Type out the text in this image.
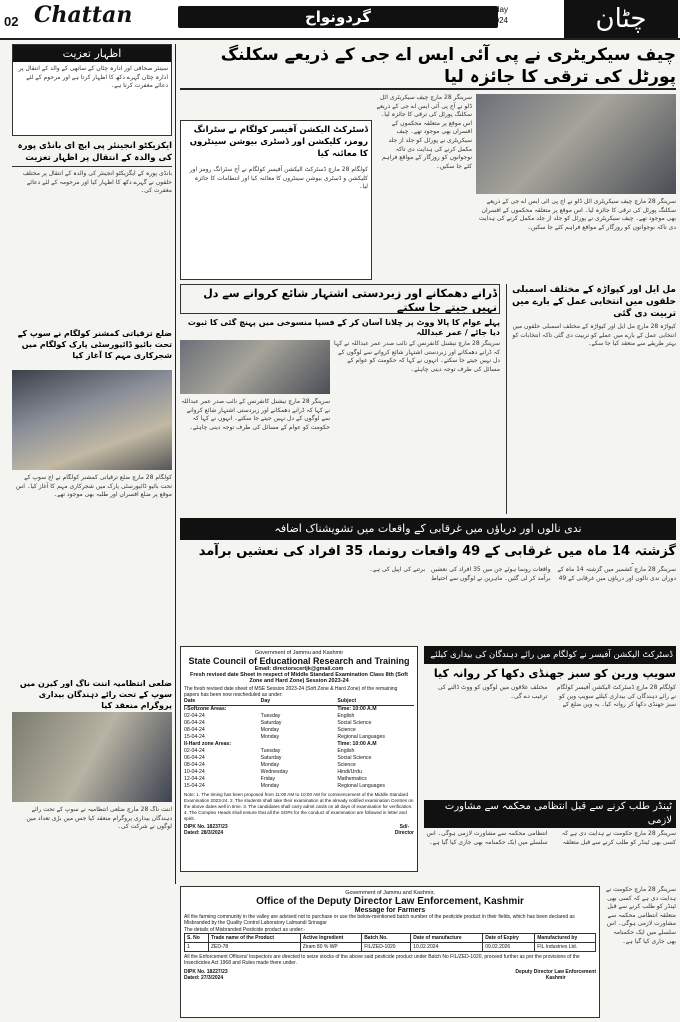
02 Chattan	گردونواح	Friday
29-March-2024	چٹان
اظہار تعزیت
سینئر صحافی اور ادارہ چٹان کے ساتھی کے والد کے انتقال پر ادارہ چٹان گہرے دکھ کا اظہار کرتا ہے اور مرحوم کے لئے دعائے مغفرت کرتا ہے۔
ایکزیکٹو انجینئر پی ایچ ای بانڈی پورہ کی والدہ کے انتقال پر اظہار تعزیت
بانڈی پورہ کے ایگزیکٹو انجینئر کی والدہ کے انتقال پر مختلف حلقوں نے گہرے دکھ کا اظہار کیا اور مرحومہ کے لئے دعائے مغفرت کی۔
ضلع ترقیاتی کمشنر کولگام نے سوپ کے تحت بائیو ڈائیورسٹی پارک کولگام میں شجرکاری مہم کا آغاز کیا
کولگام 28 مارچ ضلع ترقیاتی کمشنر کولگام نے آج سوپ کے تحت بائیو ڈائیورسٹی پارک میں شجرکاری مہم کا آغاز کیا۔ اس موقع پر ضلع افسران اور طلبہ بھی موجود تھے۔
ضلعی انتظامیہ اننت ناگ اور کیرن میں سوپ کے تحت رائے دہندگان بیداری پروگرام منعقد کیا
اننت ناگ 28 مارچ ضلعی انتظامیہ نے سوپ کے تحت رائے دہندگان بیداری پروگرام منعقد کیا جس میں بڑی تعداد میں لوگوں نے شرکت کی۔
چیف سیکریٹری نے پی آئی ایس اے جی کے ذریعے سکلنگ پورٹل کی ترقی کا جائزہ لیا
سرینگر 28 مارچ چیف سیکریٹری اٹل ڈلو نے آج پی آئی ایس اے جی کے ذریعے سکلنگ پورٹل کی ترقی کا جائزہ لیا۔ اس موقع پر متعلقہ محکموں کے افسران بھی موجود تھے۔ چیف سیکریٹری نے پورٹل کو جلد از جلد مکمل کرنے کی ہدایت دی تاکہ نوجوانوں کو روزگار کے مواقع فراہم کئے جا سکیں۔
سرینگر 28 مارچ چیف سیکریٹری اٹل ڈلو نے آج پی آئی ایس اے جی کے ذریعے سکلنگ پورٹل کی ترقی کا جائزہ لیا۔ اس موقع پر متعلقہ محکموں کے افسران بھی موجود تھے۔ چیف سیکریٹری نے پورٹل کو جلد از جلد مکمل کرنے کی ہدایت دی تاکہ نوجوانوں کو روزگار کے مواقع فراہم کئے جا سکیں۔
ڈسٹرکٹ الیکشن آفیسر کولگام نے سٹرانگ رومز، کلیکشن اور ڈسٹری بیوشن سینٹروں کا معائنہ کیا
کولگام 28 مارچ ڈسٹرکٹ الیکشن آفیسر کولگام نے آج سٹرانگ رومز اور کلیکشن و ڈسٹری بیوشن سینٹروں کا معائنہ کیا اور انتظامات کا جائزہ لیا۔
ڈرانے دھمکانے اور زبردستی اشتہار شائع کروانے سے دل نہیں جیتے جا سکتے
پہلے عوام کا پالا ووٹ پر چلانا آسان کر کے فسپا منسوخی میں پہنچ گئی کا ثبوت دیا جائے / عمر عبداللہ
سرینگر 28 مارچ نیشنل کانفرنس کے نائب صدر عمر عبداللہ نے کہا کہ ڈرانے دھمکانے اور زبردستی اشتہار شائع کروانے سے لوگوں کے دل نہیں جیتے جا سکتے۔ انہوں نے کہا کہ حکومت کو عوام کے مسائل کی طرف توجہ دینی چاہئے۔
سرینگر 28 مارچ نیشنل کانفرنس کے نائب صدر عمر عبداللہ نے کہا کہ ڈرانے دھمکانے اور زبردستی اشتہار شائع کروانے سے لوگوں کے دل نہیں جیتے جا سکتے۔ انہوں نے کہا کہ حکومت کو عوام کے مسائل کی طرف توجہ دینی چاہئے۔
مل ایل اور کپواڑہ کے مختلف اسمبلی حلقوں میں انتخابی عمل کے بارے میں تربیت دی گئی
کپواڑہ 28 مارچ مل ایل اور کپواڑہ کے مختلف اسمبلی حلقوں میں انتخابی عمل کے بارے میں عملے کو تربیت دی گئی تاکہ انتخابات کو بہتر طریقے سے منعقد کیا جا سکے۔
ندی نالوں اور دریاؤں میں غرقابی کے واقعات میں تشویشناک اضافہ
گزشتہ 14 ماہ میں غرقابی کے 49 واقعات رونما، 35 افراد کی نعشیں برآمد
سرینگر 28 مارچ کشمیر میں گزشتہ 14 ماہ کے دوران ندی نالوں اور دریاؤں میں غرقابی کے 49 واقعات رونما ہوئے جن میں 35 افراد کی نعشیں برآمد کر لی گئیں۔ ماہرین نے لوگوں سے احتیاط برتنے کی اپیل کی ہے۔
Government of Jammu and Kashmir
State Council of Educational Research and Training
Email: directorscertjk@gmail.com
Fresh revised date Sheet in respect of Middle Standard Examination Class 8th (Soft Zone and Hard Zone) Session 2023-24
The fresh revised date sheet of MSE Session 2023-24 (Soft Zone & Hard Zone) of the remaining papers has been now rescheduled as under:
Date	Day	Subject
I-Softzone Areas:	Time: 10:00 A.M
02-04-24	Tuesday	English
06-04-24	Saturday	Social Science
08-04-24	Monday	Science
15-04-24	Monday	Regional Languages
II-Hard zone Areas:	Time: 10:00 A.M
02-04-24	Tuesday	English
06-04-24	Saturday	Social Science
08-04-24	Monday	Science
10-04-24	Wednesday	Hindi/Urdu
12-04-24	Friday	Mathematics
15-04-24	Monday	Regional Languages
Note: 1. The timing has been proposed from 11:00 AM to 10:00 AM for commencement of the Middle Standard Examination 2023-24. 2. The students shall take their examination at the already notified examination Centres on the above dates well in time. 3. The candidates shall carry admit cards on all days of examination for verification. 4. The Complex Heads shall ensure that all the SOPs for the conduct of examination are followed in letter and spirit.
DIPK No. 18237/23
Dated: 28/3/2024
Sd/-
Director
ڈسٹرکٹ الیکشن آفیسر نے کولگام میں رائے دہندگان کی بیداری کیلئے
سویپ ورین کو سبز جھنڈی دکھا کر روانہ کیا
کولگام 28 مارچ ڈسٹرکٹ الیکشن آفیسر کولگام نے رائے دہندگان کی بیداری کیلئے سویپ وین کو سبز جھنڈی دکھا کر روانہ کیا۔ یہ وین ضلع کے مختلف علاقوں میں لوگوں کو ووٹ ڈالنے کی ترغیب دے گی۔
ٹینڈر طلب کرنے سے قبل انتظامی محکمہ سے مشاورت لازمی
سرینگر 28 مارچ حکومت نے ہدایت دی ہے کہ کسی بھی ٹینڈر کو طلب کرنے سے قبل متعلقہ انتظامی محکمہ سے مشاورت لازمی ہوگی۔ اس سلسلے میں ایک حکمنامہ بھی جاری کیا گیا ہے۔
Government of Jammu and Kashmir,
Office of the Deputy Director Law Enforcement, Kashmir
Message for Farmers
All the farming community in the valley are advised not to purchase or use the below-mentioned batch number of the pesticide product in their fields, which has been declared as Misbranded by the Quality Control Laboratory Lalmandi Srinagar
The details of Misbranded Pesticide product as under:-
S. No	Trade name of the Product	Active Ingredient	Batch No.	Date of manufacture	Date of Expiry	Manufactured by
1	ZED-78	Ziram 80 % WP	FIL/ZED-1020	10.02.2024	09.02.2026	FIL Industries Ltd.
All the Enforcement Officers/ Inspectors are directed to seize stocks of the above said pesticide product under Batch No FIL/ZED-1020, proceed further as per the provisions of the Insecticides Act 1968 and Rules made there under.
DIPK No. 18227/23
Dated: 27/3/2024
Deputy Director Law Enforcement
Kashmir
سرینگر 28 مارچ حکومت نے ہدایت دی ہے کہ کسی بھی ٹینڈر کو طلب کرنے سے قبل متعلقہ انتظامی محکمہ سے مشاورت لازمی ہوگی۔ اس سلسلے میں ایک حکمنامہ بھی جاری کیا گیا ہے۔
